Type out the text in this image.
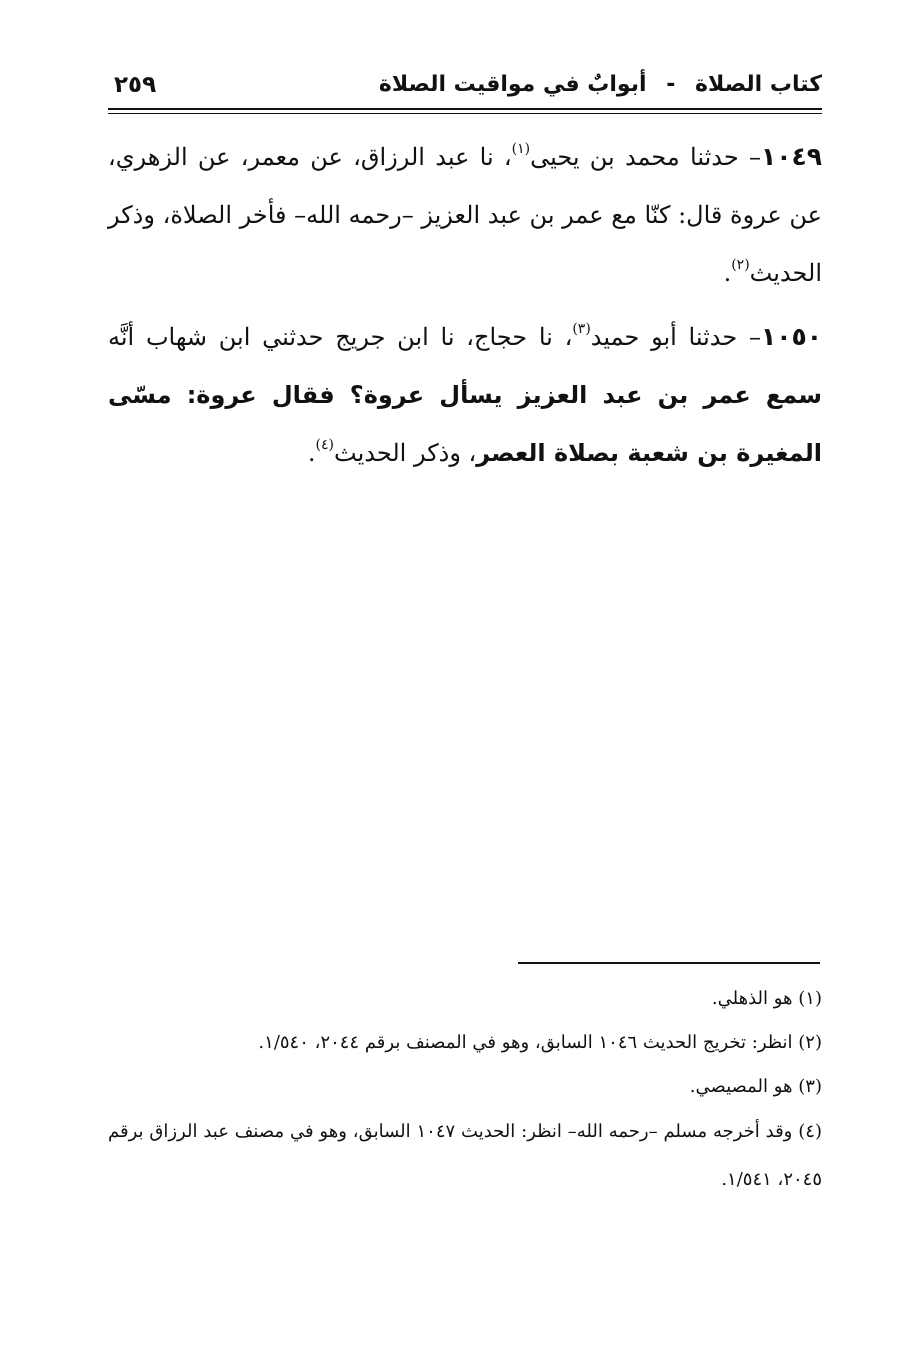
كتاب الصلاة - أبوابٌ في مواقيت الصلاة
٢٥٩

١٠٤٩– حدثنا محمد بن يحيى$^{(١)}$، نا عبد الرزاق، عن معمر، عن الزهري، عن عروة قال: كنّا مع عمر بن عبد العزيز –رحمه الله– فأخر الصلاة، وذكر الحديث$^{(٢)}$.

١٠٥٠– حدثنا أبو حميد$^{(٣)}$، نا حجاج، نا ابن جريج حدثني ابن شهاب أنَّه سمع عمر بن عبد العزيز يسأل عروة؟ فقال عروة: مسّى المغيرة بن شعبة بصلاة العصر، وذكر الحديث$^{(٤)}$.

(١) هو الذهلي.

(٢) انظر: تخريج الحديث ١٠٤٦ السابق، وهو في المصنف برقم ٢٠٤٤، ١/٥٤٠.

(٣) هو المصيصي.

(٤) وقد أخرجه مسلم –رحمه الله– انظر: الحديث ١٠٤٧ السابق، وهو في مصنف عبد الرزاق برقم ٢٠٤٥، ١/٥٤١.
